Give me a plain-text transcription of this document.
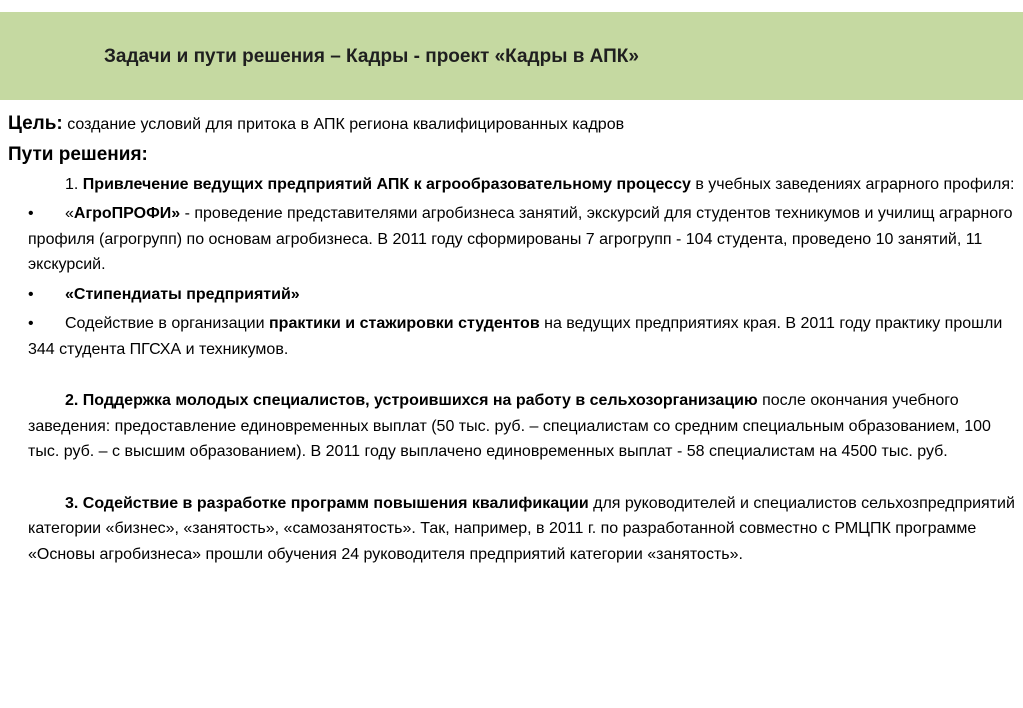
Задачи и пути решения – Кадры - проект «Кадры в АПК»

Цель: создание условий для притока в АПК региона квалифицированных кадров

Пути решения:

1. Привлечение ведущих предприятий АПК к агрообразовательному процессу в учебных заведениях аграрного профиля:

• «АгроПРОФИ» - проведение представителями агробизнеса занятий, экскурсий для студентов техникумов и училищ аграрного профиля (агрогрупп) по основам агробизнеса. В 2011 году сформированы 7 агрогрупп - 104 студента, проведено 10 занятий, 11 экскурсий.

• «Стипендиаты предприятий»

• Содействие в организации практики и стажировки студентов на ведущих предприятиях края. В 2011 году практику прошли 344 студента ПГСХА и техникумов.

2. Поддержка молодых специалистов, устроившихся на работу в сельхозорганизацию после окончания учебного заведения: предоставление единовременных выплат (50 тыс. руб. – специалистам со средним специальным образованием, 100 тыс. руб. – с высшим образованием). В 2011 году выплачено единовременных выплат - 58 специалистам на 4500 тыс. руб.

3. Содействие в разработке программ повышения квалификации для руководителей и специалистов сельхозпредприятий категории «бизнес», «занятость», «самозанятость». Так, например, в 2011 г. по разработанной совместно с РМЦПК программе «Основы агробизнеса» прошли обучения 24 руководителя предприятий категории «занятость».
